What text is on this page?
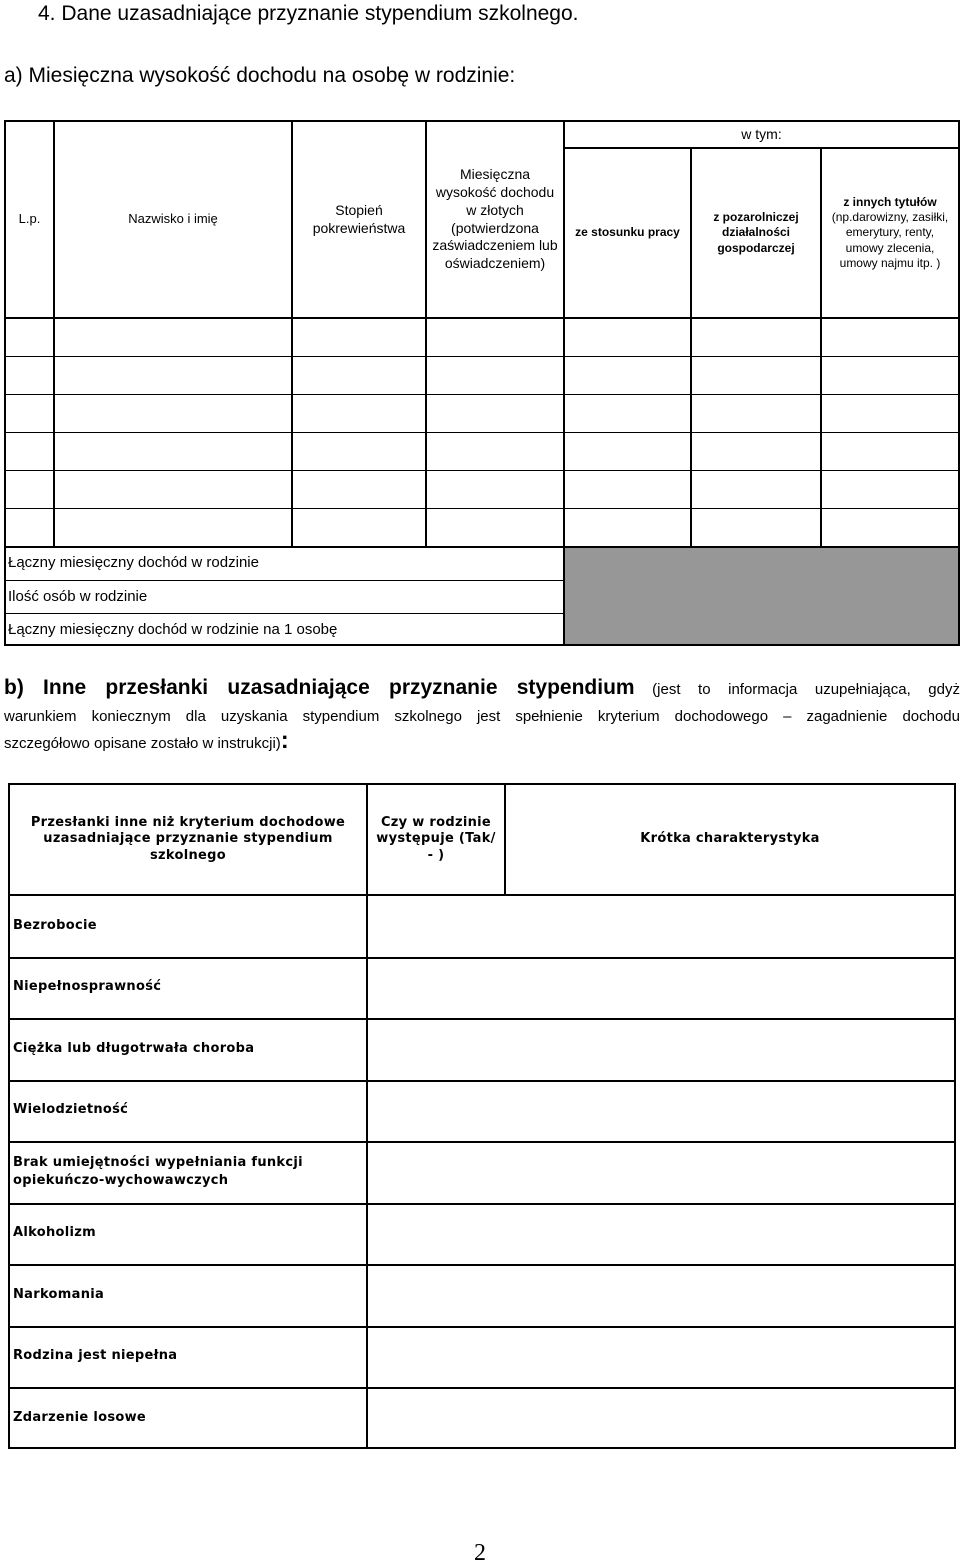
4. Dane uzasadniające przyznanie stypendium szkolnego.
a) Miesięczna wysokość dochodu na osobę w rodzinie:
L.p.	Nazwisko i imię
Stopień pokrewieństwa
Miesięczna wysokość dochodu w złotych
(potwierdzona zaświadczeniem lub oświadczeniem)
w tym:
ze stosunku pracy
z pozarolniczej działalności gospodarczej
z innych tytułów
(np.darowizny, zasiłki, emerytury, renty, umowy zlecenia, umowy najmu itp. )
Łączny miesięczny dochód w rodzinie
Ilość osób w rodzinie
Łączny miesięczny dochód w rodzinie na 1 osobę

b) Inne przesłanki uzasadniające przyznanie stypendium (jest to informacja uzupełniająca, gdyż

warunkiem koniecznym dla uzyskania stypendium szkolnego jest spełnienie kryterium dochodowego – zagadnienie dochodu

szczegółowo opisane zostało w instrukcji):

Przesłanki inne niż kryterium dochodowe uzasadniające przyznanie stypendium szkolnego
Czy w rodzinie występuje (Tak/ - )
Krótka charakterystyka
Bezrobocie
Niepełnosprawność
Ciężka lub długotrwała choroba
Wielodzietność
Brak umiejętności wypełniania funkcji opiekuńczo-wychowawczych
Alkoholizm
Narkomania
Rodzina jest niepełna
Zdarzenie losowe
2
